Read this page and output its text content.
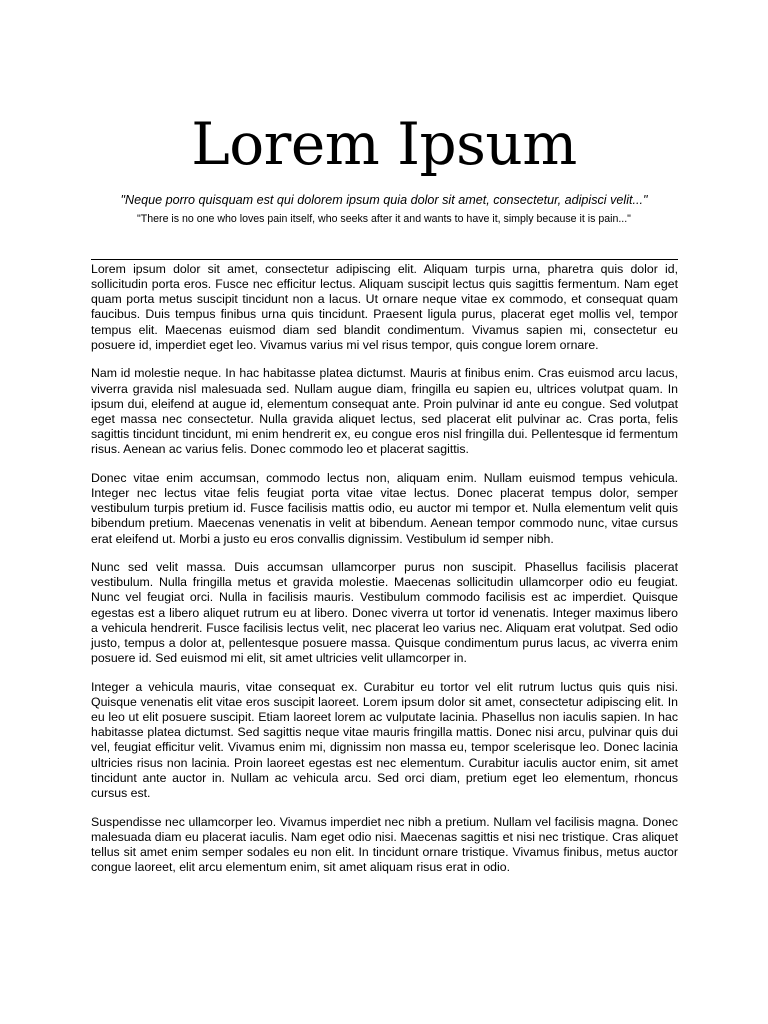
Lorem Ipsum

"Neque porro quisquam est qui dolorem ipsum quia dolor sit amet, consectetur, adipisci velit..."

"There is no one who loves pain itself, who seeks after it and wants to have it, simply because it is pain..."

Lorem ipsum dolor sit amet, consectetur adipiscing elit. Aliquam turpis urna, pharetra quis dolor id, sollicitudin porta eros. Fusce nec efficitur lectus. Aliquam suscipit lectus quis sagittis fermentum. Nam eget quam porta metus suscipit tincidunt non a lacus. Ut ornare neque vitae ex commodo, et consequat quam faucibus. Duis tempus finibus urna quis tincidunt. Praesent ligula purus, placerat eget mollis vel, tempor tempus elit. Maecenas euismod diam sed blandit condimentum. Vivamus sapien mi, consectetur eu posuere id, imperdiet eget leo. Vivamus varius mi vel risus tempor, quis congue lorem ornare.

Nam id molestie neque. In hac habitasse platea dictumst. Mauris at finibus enim. Cras euismod arcu lacus, viverra gravida nisl malesuada sed. Nullam augue diam, fringilla eu sapien eu, ultrices volutpat quam. In ipsum dui, eleifend at augue id, elementum consequat ante. Proin pulvinar id ante eu congue. Sed volutpat eget massa nec consectetur. Nulla gravida aliquet lectus, sed placerat elit pulvinar ac. Cras porta, felis sagittis tincidunt tincidunt, mi enim hendrerit ex, eu congue eros nisl fringilla dui. Pellentesque id fermentum risus. Aenean ac varius felis. Donec commodo leo et placerat sagittis.

Donec vitae enim accumsan, commodo lectus non, aliquam enim. Nullam euismod tempus vehicula. Integer nec lectus vitae felis feugiat porta vitae vitae lectus. Donec placerat tempus dolor, semper vestibulum turpis pretium id. Fusce facilisis mattis odio, eu auctor mi tempor et. Nulla elementum velit quis bibendum pretium. Maecenas venenatis in velit at bibendum. Aenean tempor commodo nunc, vitae cursus erat eleifend ut. Morbi a justo eu eros convallis dignissim. Vestibulum id semper nibh.

Nunc sed velit massa. Duis accumsan ullamcorper purus non suscipit. Phasellus facilisis placerat vestibulum. Nulla fringilla metus et gravida molestie. Maecenas sollicitudin ullamcorper odio eu feugiat. Nunc vel feugiat orci. Nulla in facilisis mauris. Vestibulum commodo facilisis est ac imperdiet. Quisque egestas est a libero aliquet rutrum eu at libero. Donec viverra ut tortor id venenatis. Integer maximus libero a vehicula hendrerit. Fusce facilisis lectus velit, nec placerat leo varius nec. Aliquam erat volutpat. Sed odio justo, tempus a dolor at, pellentesque posuere massa. Quisque condimentum purus lacus, ac viverra enim posuere id. Sed euismod mi elit, sit amet ultricies velit ullamcorper in.

Integer a vehicula mauris, vitae consequat ex. Curabitur eu tortor vel elit rutrum luctus quis quis nisi. Quisque venenatis elit vitae eros suscipit laoreet. Lorem ipsum dolor sit amet, consectetur adipiscing elit. In eu leo ut elit posuere suscipit. Etiam laoreet lorem ac vulputate lacinia. Phasellus non iaculis sapien. In hac habitasse platea dictumst. Sed sagittis neque vitae mauris fringilla mattis. Donec nisi arcu, pulvinar quis dui vel, feugiat efficitur velit. Vivamus enim mi, dignissim non massa eu, tempor scelerisque leo. Donec lacinia ultricies risus non lacinia. Proin laoreet egestas est nec elementum. Curabitur iaculis auctor enim, sit amet tincidunt ante auctor in. Nullam ac vehicula arcu. Sed orci diam, pretium eget leo elementum, rhoncus cursus est.

Suspendisse nec ullamcorper leo. Vivamus imperdiet nec nibh a pretium. Nullam vel facilisis magna. Donec malesuada diam eu placerat iaculis. Nam eget odio nisi. Maecenas sagittis et nisi nec tristique. Cras aliquet tellus sit amet enim semper sodales eu non elit. In tincidunt ornare tristique. Vivamus finibus, metus auctor congue laoreet, elit arcu elementum enim, sit amet aliquam risus erat in odio.
